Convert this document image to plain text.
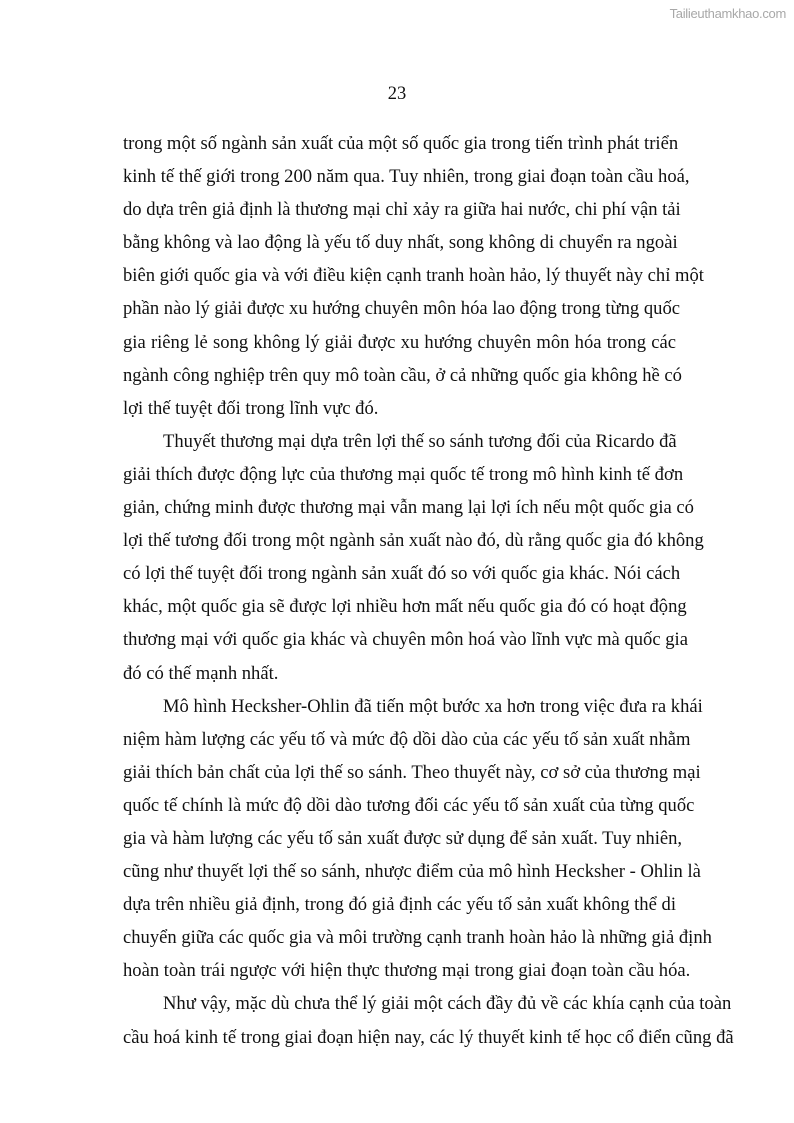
Tailieuthamkhao.com
23
trong một số ngành sản xuất của một số quốc gia trong tiến trình phát triển
kinh tế thế giới trong 200 năm qua. Tuy nhiên, trong giai đoạn toàn cầu hoá,
do dựa trên giả định là thương mại chỉ xảy ra giữa hai nước, chi phí vận tải
bằng không và lao động là yếu tố duy nhất, song không di chuyển ra ngoài
biên giới quốc gia và với điều kiện cạnh tranh hoàn hảo, lý thuyết này chỉ một
phần nào lý giải được xu hướng chuyên môn hóa lao động trong từng quốc
gia riêng lẻ song không lý giải được xu hướng chuyên môn hóa trong các
ngành công nghiệp trên quy mô toàn cầu, ở cả những quốc gia không hề có
lợi thế tuyệt đối trong lĩnh vực đó.
Thuyết thương mại dựa trên lợi thế so sánh tương đối của Ricardo đã
giải thích được động lực của thương mại quốc tế trong mô hình kinh tế đơn
giản, chứng minh được thương mại vẫn mang lại lợi ích nếu một quốc gia có
lợi thế tương đối trong một ngành sản xuất nào đó, dù rằng quốc gia đó không
có lợi thế tuyệt đối trong ngành sản xuất đó so với quốc gia khác. Nói cách
khác, một quốc gia sẽ được lợi nhiều hơn mất nếu quốc gia đó có hoạt động
thương mại với quốc gia khác và chuyên môn hoá vào lĩnh vực mà quốc gia
đó có thế mạnh nhất.
Mô hình Hecksher-Ohlin đã tiến một bước xa hơn trong việc đưa ra khái
niệm hàm lượng các yếu tố và mức độ dồi dào của các yếu tố sản xuất nhằm
giải thích bản chất của lợi thế so sánh. Theo thuyết này, cơ sở của thương mại
quốc tế chính là mức độ dồi dào tương đối các yếu tố sản xuất của từng quốc
gia và hàm lượng các yếu tố sản xuất được sử dụng để sản xuất. Tuy nhiên,
cũng như thuyết lợi thế so sánh, nhược điểm của mô hình Hecksher - Ohlin là
dựa trên nhiều giả định, trong đó giả định các yếu tố sản xuất không thể di
chuyển giữa các quốc gia và môi trường cạnh tranh hoàn hảo là những giả định
hoàn toàn trái ngược với hiện thực thương mại trong giai đoạn toàn cầu hóa.
Như vậy, mặc dù chưa thể lý giải một cách đầy đủ về các khía cạnh của toàn
cầu hoá kinh tế trong giai đoạn hiện nay, các lý thuyết kinh tế học cổ điển cũng đã
